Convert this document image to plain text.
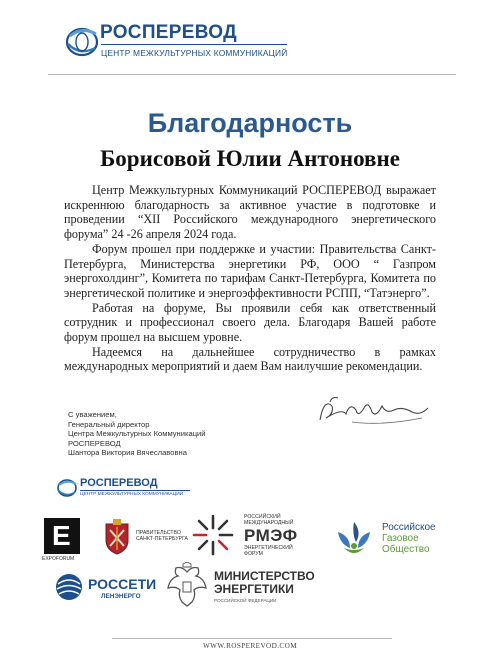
РОСПЕРЕВОД
ЦЕНТР МЕЖКУЛЬТУРНЫХ КОММУНИКАЦИЙ
Благодарность
Борисовой Юлии Антоновне

Центр Межкультурных Коммуникаций РОСПЕРЕВОД выражает искреннюю благодарность за активное участие в подготовке и проведении “XII Российского международного энергетического форума” 24 -26 апреля 2024 года.

Форум прошел при поддержке и участии: Правительства Санкт-Петербурга, Министерства энергетики РФ, ООО “ Газпром энергохолдинг”, Комитета по тарифам Санкт-Петербурга, Комитета по энергетической политике и энергоэффективности РСПП, “Татэнерго”.

Работая на форуме, Вы проявили себя как ответственный сотрудник и профессионал своего дела. Благодаря Вашей работе форум прошел на высшем уровне.

Надеемся на дальнейшее сотрудничество в рамках международных мероприятий и даем Вам наилучшие рекомендации.

С уважением,
Генеральный директор
Центра Межкультурных Коммуникаций
РОСПЕРЕВОД
Шантора Виктория Вячеславовна
РОСПЕРЕВОД
ЦЕНТР МЕЖКУЛЬТУРНЫХ КОММУНИКАЦИЙ
E
EXPOFORUM
ПРАВИТЕЛЬСТВО
САНКТ-ПЕТЕРБУРГА
РОССИЙСКИЙ
МЕЖДУНАРОДНЫЙ
РМЭФ
ЭНЕРГЕТИЧЕСКИЙ
ФОРУМ
Российское
Газовое
Общество
РОССЕТИ
ЛЕНЭНЕРГО
МИНИСТЕРСТВО
ЭНЕРГЕТИКИ
РОССИЙСКОЙ ФЕДЕРАЦИИ
WWW.ROSPEREVOD.COM
